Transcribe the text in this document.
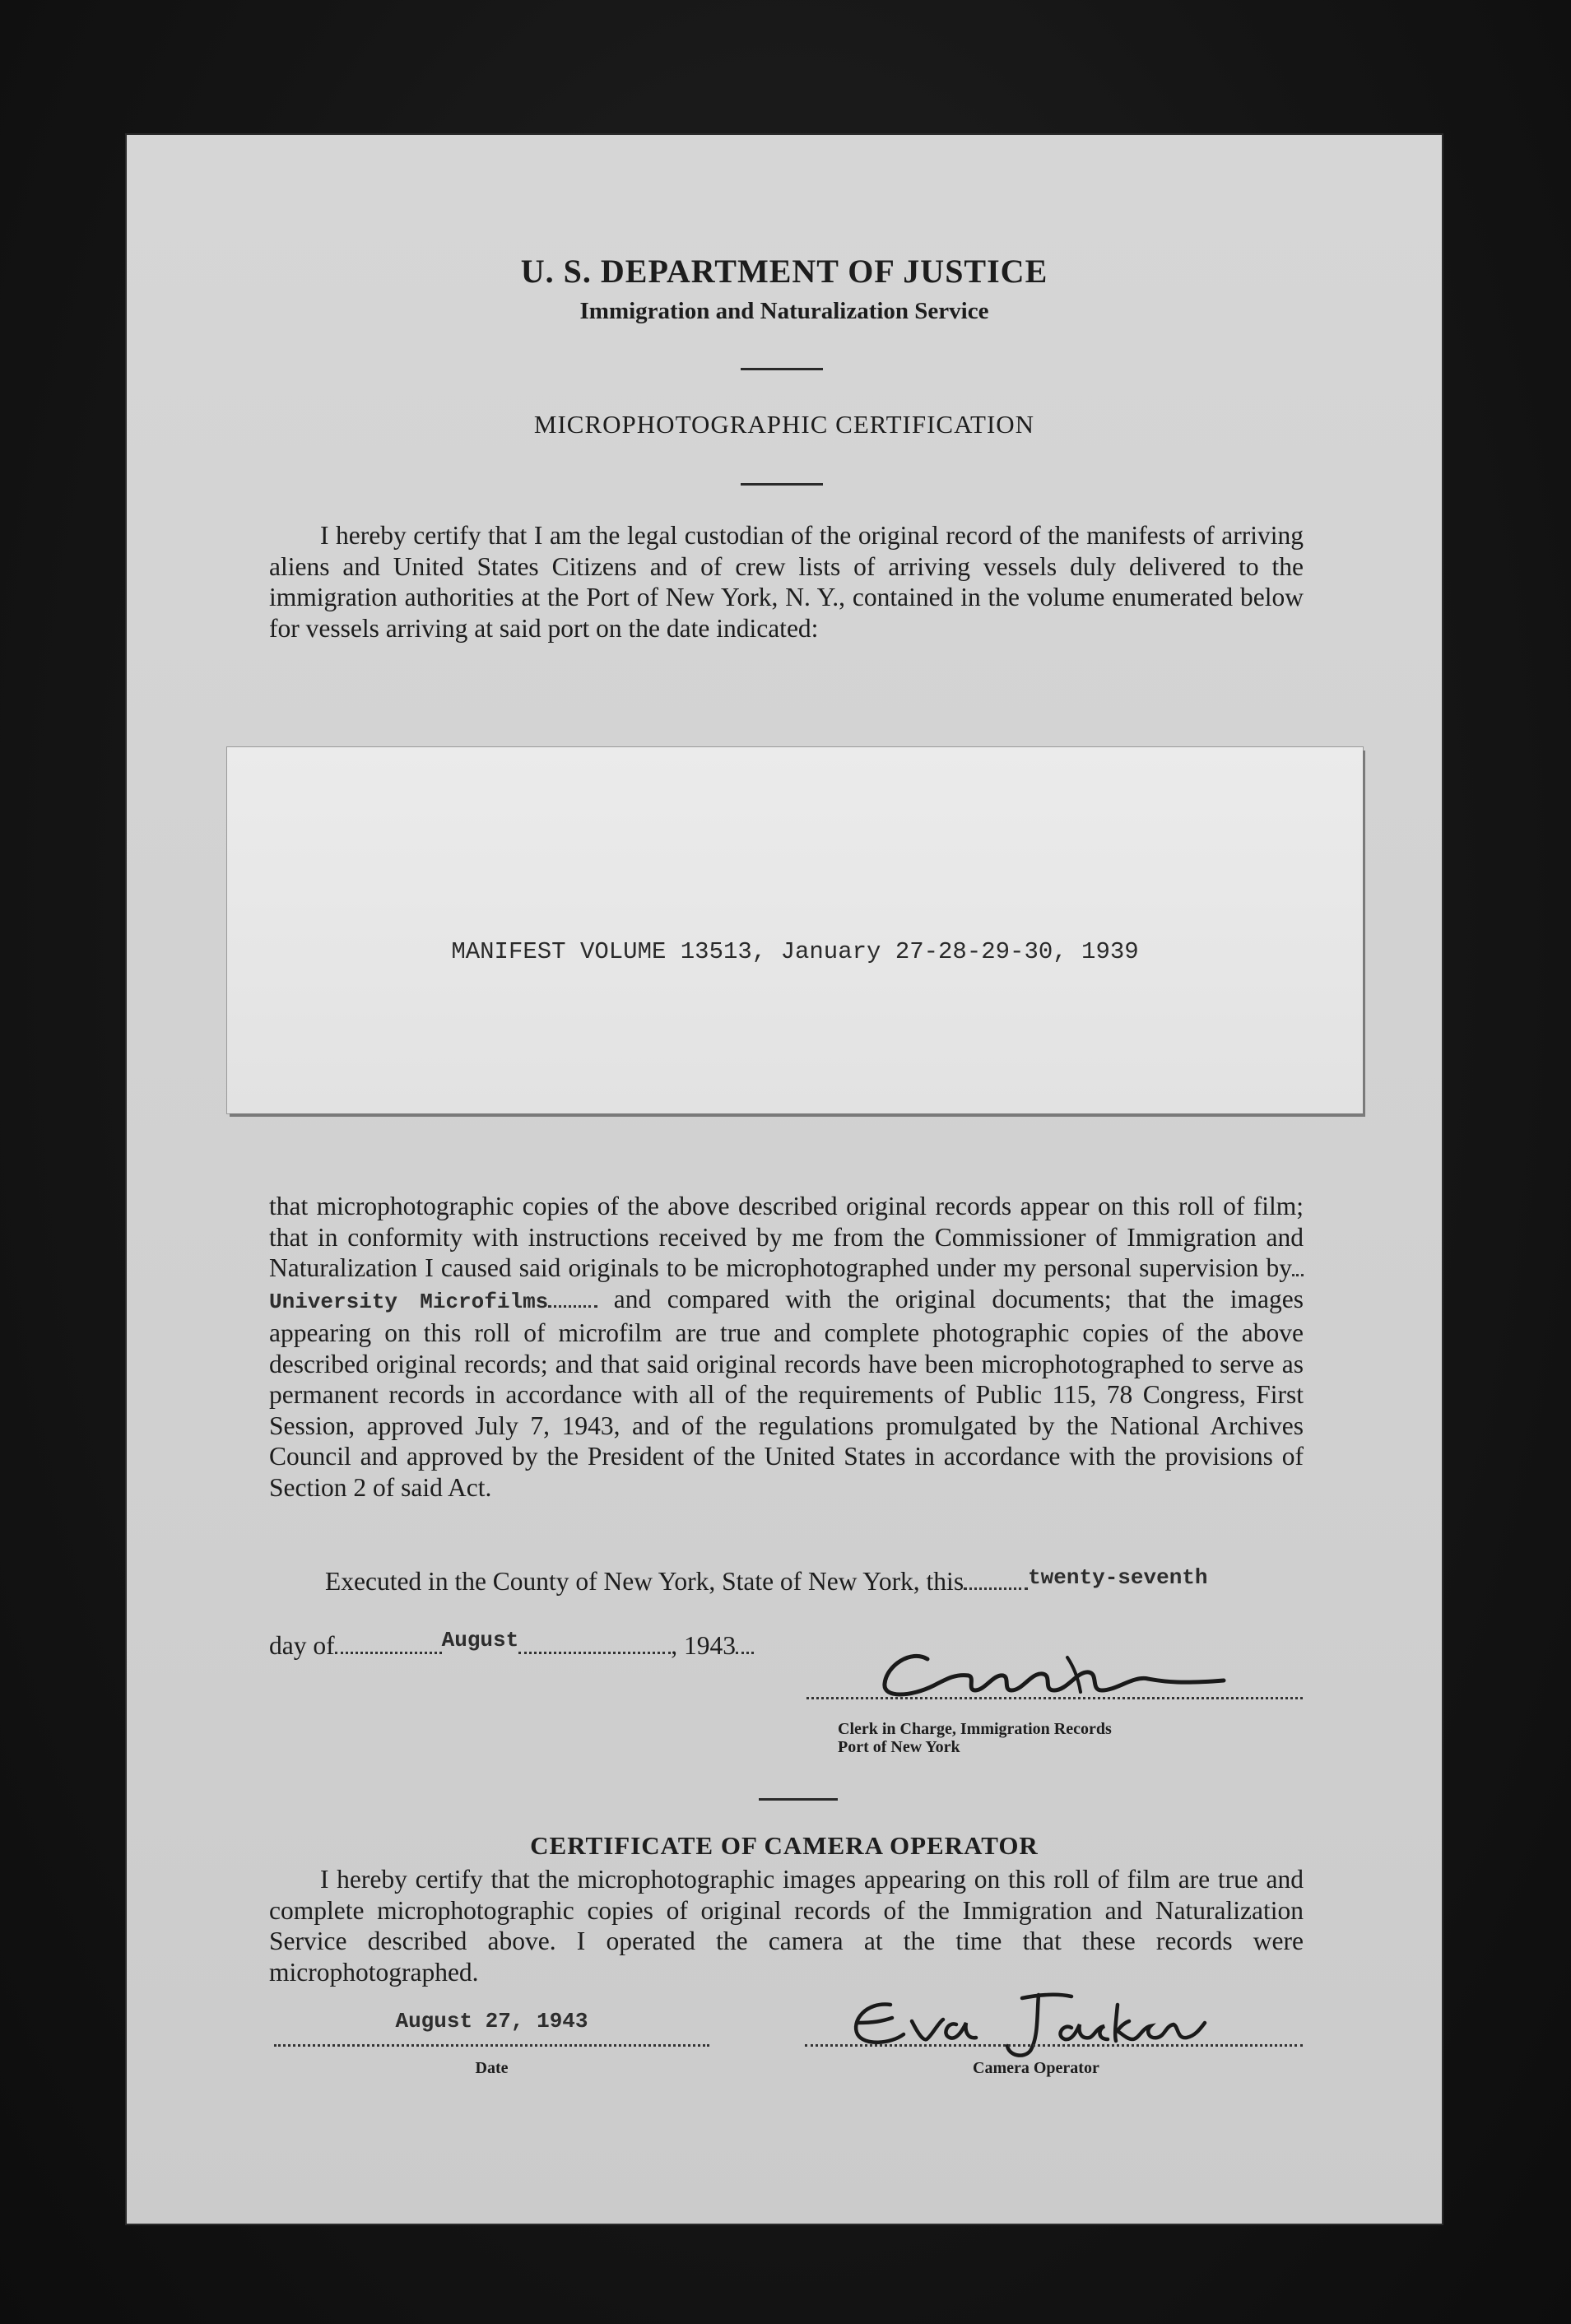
U. S. DEPARTMENT OF JUSTICE
Immigration and Naturalization Service
MICROPHOTOGRAPHIC CERTIFICATION
I hereby certify that I am the legal custodian of the original record of the manifests of arriving aliens and United States Citizens and of crew lists of arriving vessels duly delivered to the immigration authorities at the Port of New York, N. Y., contained in the volume enumerated below for vessels arriving at said port on the date indicated:
MANIFEST VOLUME 13513, January 27-28-29-30, 1939
that microphotographic copies of the above described original records appear on this roll of film; that in conformity with instructions received by me from the Commissioner of Immigration and Naturalization I caused said originals to be microphotographed under my personal supervision byUniversity Microfilms	and compared with the original documents; that the images appearing on this roll of microfilm are true and complete photographic copies of the above described original records; and that said original records have been microphotographed to serve as permanent records in accordance with all of the requirements of Public 115, 78 Congress, First Session, approved July 7, 1943, and of the regulations promulgated by the National Archives Council and approved by the President of the United States in accordance with the provisions of Section 2 of said Act.
Executed in the County of New York, State of New York, this	$^{twenty-seventh}$
day of	$^{August}$	, 1943
Clerk in Charge, Immigration Records
Port of New York
CERTIFICATE OF CAMERA OPERATOR
I hereby certify that the microphotographic images appearing on this roll of film are true and complete microphotographic copies of original records of the Immigration and Naturalization Service described above. I operated the camera at the time that these records were microphotographed.
August 27, 1943
Date	Camera Operator
